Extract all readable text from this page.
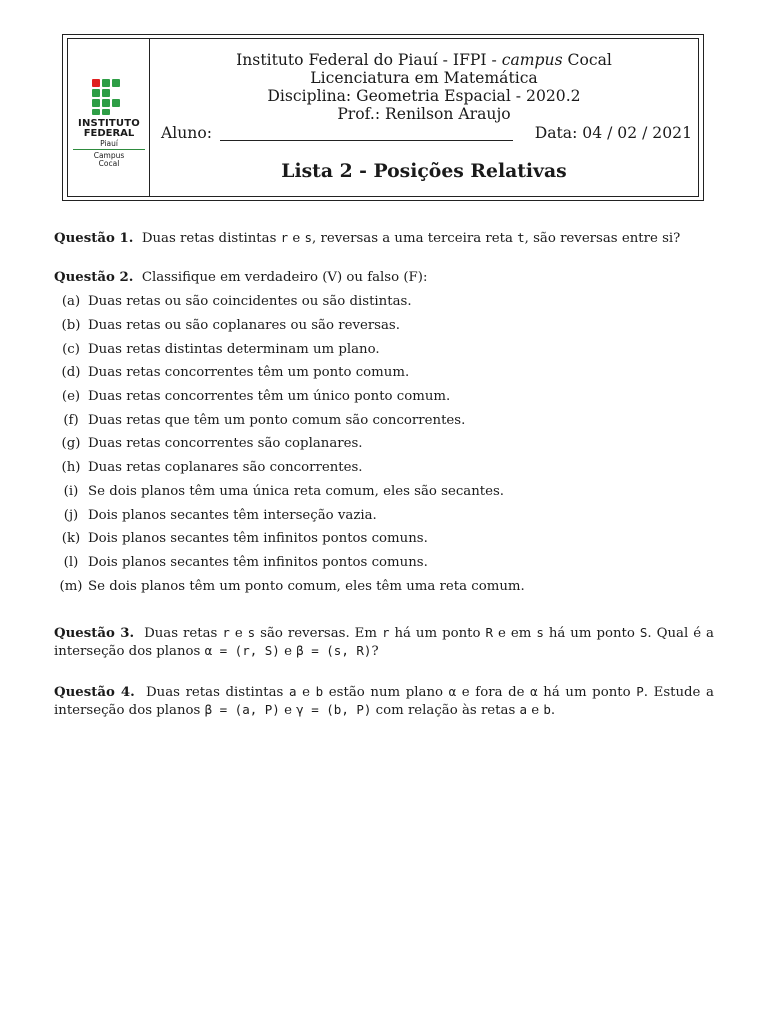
INSTITUTO
FEDERAL
Piauí
Campus
Cocal
Instituto Federal do Piauí - IFPI - campus Cocal
Licenciatura em Matemática
Disciplina: Geometria Espacial - 2020.2
Prof.: Renilson Araujo
Aluno:	Data: 04 / 02 / 2021
Lista 2 - Posições Relativas
Questão 1. Duas retas distintas r e s, reversas a uma terceira reta t, são reversas entre si?
Questão 2. Classifique em verdadeiro (V) ou falso (F):
(a) Duas retas ou são coincidentes ou são distintas.
(b) Duas retas ou são coplanares ou são reversas.
(c) Duas retas distintas determinam um plano.
(d) Duas retas concorrentes têm um ponto comum.
(e) Duas retas concorrentes têm um único ponto comum.
(f) Duas retas que têm um ponto comum são concorrentes.
(g) Duas retas concorrentes são coplanares.
(h) Duas retas coplanares são concorrentes.
(i) Se dois planos têm uma única reta comum, eles são secantes.
(j) Dois planos secantes têm interseção vazia.
(k) Dois planos secantes têm infinitos pontos comuns.
(l) Dois planos secantes têm infinitos pontos comuns.
(m) Se dois planos têm um ponto comum, eles têm uma reta comum.
Questão 3. Duas retas r e s são reversas. Em r há um ponto R e em s há um ponto S. Qual é a interseção dos planos α = (r, S) e β = (s, R)?
Questão 4. Duas retas distintas a e b estão num plano α e fora de α há um ponto P. Estude a interseção dos planos β = (a, P) e γ = (b, P) com relação às retas a e b.
